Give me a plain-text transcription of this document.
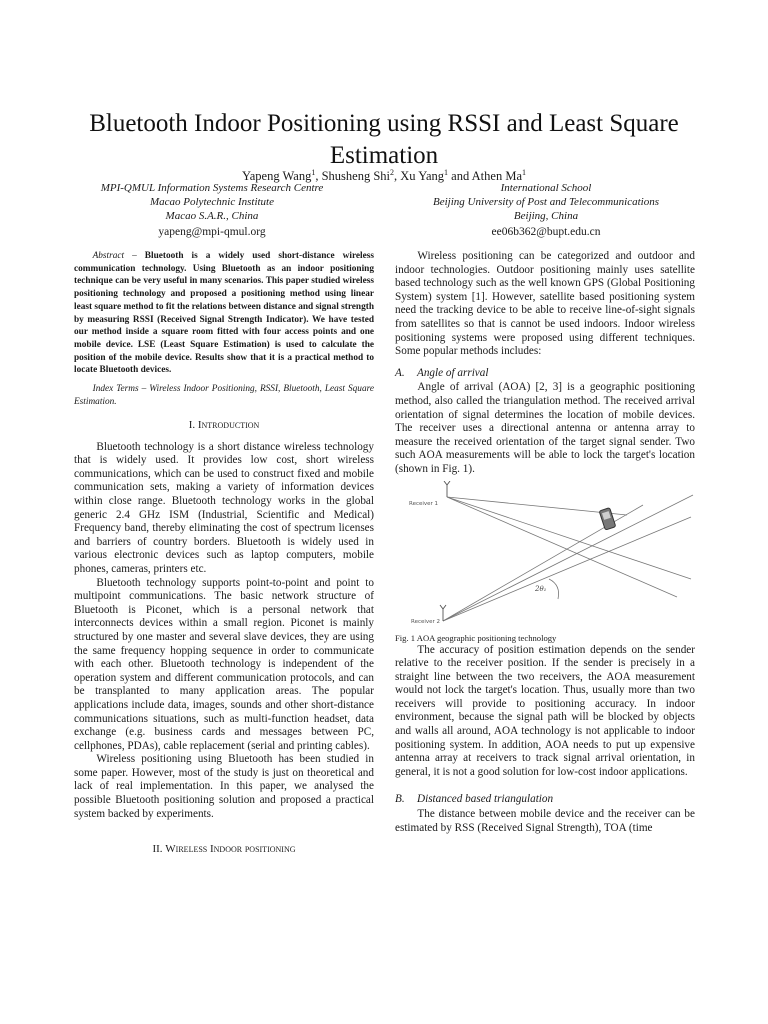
Bluetooth Indoor Positioning using RSSI and Least Square Estimation
Yapeng Wang$^1$, Shusheng Shi$^2$, Xu Yang$^1$ and Athen Ma$^1$
MPI-QMUL Information Systems Research Centre
Macao Polytechnic Institute
Macao S.A.R., China
yapeng@mpi-qmul.org
International School
Beijing University of Post and Telecommunications
Beijing, China
ee06b362@bupt.edu.cn

Abstract – Bluetooth is a widely used short-distance wireless communication technology. Using Bluetooth as an indoor positioning technique can be very useful in many scenarios. This paper studied wireless positioning technology and proposed a positioning method using linear least square method to fit the relations between distance and signal strength by measuring RSSI (Received Signal Strength Indicator). We have tested our method inside a square room fitted with four access points and one mobile device. LSE (Least Square Estimation) is used to calculate the position of the mobile device. Results show that it is a practical method to locate Bluetooth devices.

Index Terms – Wireless Indoor Positioning, RSSI, Bluetooth, Least Square Estimation.

I. Introduction

Bluetooth technology is a short distance wireless technology that is widely used. It provides low cost, short wireless communications, which can be used to construct fixed and mobile communication sets, making a variety of information devices within close range. Bluetooth technology works in the global generic 2.4 GHz ISM (Industrial, Scientific and Medical) Frequency band, thereby eliminating the cost of spectrum licenses and barriers of country borders. Bluetooth is widely used in various electronic devices such as laptop computers, mobile phones, cameras, printers etc.

Bluetooth technology supports point-to-point and point to multipoint communications. The basic network structure of Bluetooth is Piconet, which is a personal network that interconnects devices within a small region. Piconet is mainly structured by one master and several slave devices, they are using the same frequency hopping sequence in order to communicate with each other. Bluetooth technology is independent of the operation system and different communication protocols, and can be transplanted to many application areas. The popular applications include data, images, sounds and other short-distance communications situations, such as multi-function headset, data exchange (e.g. business cards and messages between PC, cellphones, PDAs), cable replacement (serial and printing cables).

Wireless positioning using Bluetooth has been studied in some paper. However, most of the study is just on theoretical and lack of real implementation. In this paper, we analysed the possible Bluetooth positioning solution and proposed a practical system backed by experiments.

II. Wireless Indoor positioning

Wireless positioning can be categorized and outdoor and indoor technologies. Outdoor positioning mainly uses satellite based technology such as the well known GPS (Global Positioning System) system [1]. However, satellite based positioning system need the tracking device to be able to receive line-of-sight signals from satellites so that is cannot be used indoors. Indoor wireless positioning systems were proposed using different techniques. Some popular methods includes:

A. Angle of arrival

Angle of arrival (AOA) [2, 3] is a geographic positioning method, also called the triangulation method. The received arrival orientation of signal determines the location of mobile devices. The receiver uses a directional antenna or antenna array to measure the received orientation of the target signal sender. Two such AOA measurements will be able to lock the target's location (shown in Fig. 1).

Receiver 1
Receiver 2
2θ₁

Fig. 1 AOA geographic positioning technology

The accuracy of position estimation depends on the sender relative to the receiver position. If the sender is precisely in a straight line between the two receivers, the AOA measurement would not lock the target's location. Thus, usually more than two receivers will provide to positioning accuracy. In indoor environment, because the signal path will be blocked by objects and walls all around, AOA technology is not applicable to indoor positioning system. In addition, AOA needs to put up expensive antenna array at receivers to track signal arrival orientation, in general, it is not a good solution for low-cost indoor applications.

B. Distanced based triangulation

The distance between mobile device and the receiver can be estimated by RSS (Received Signal Strength), TOA (time
